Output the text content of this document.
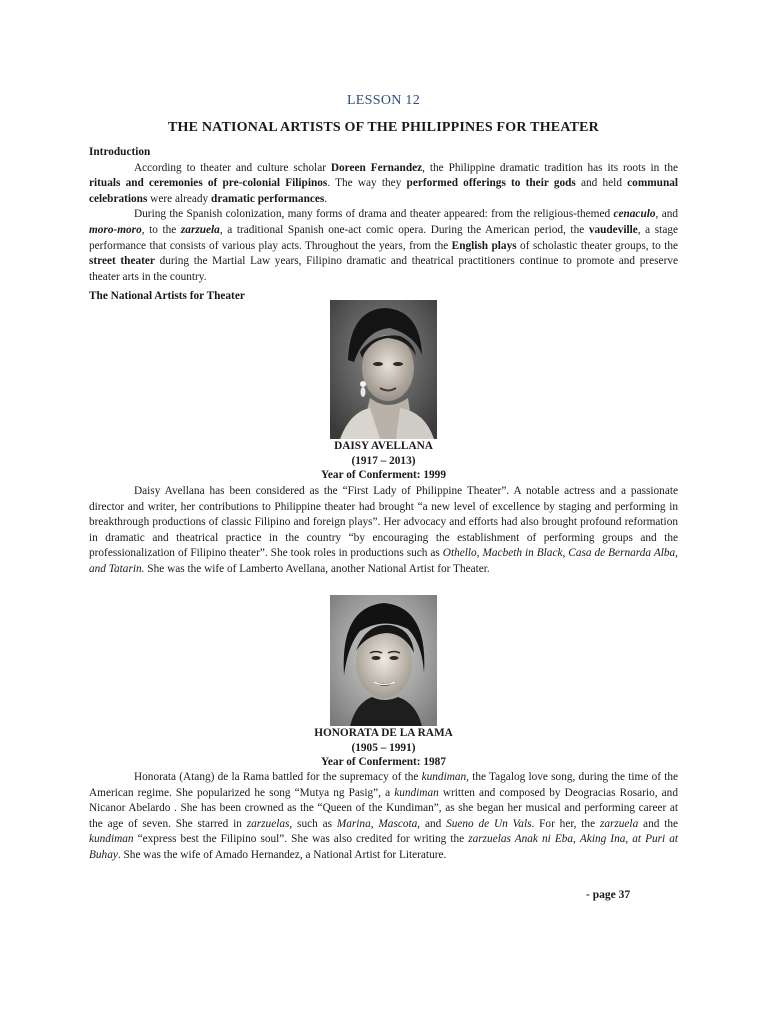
LESSON 12
THE NATIONAL ARTISTS OF THE PHILIPPINES FOR THEATER

Introduction

According to theater and culture scholar Doreen Fernandez, the Philippine dramatic tradition has its roots in the rituals and ceremonies of pre-colonial Filipinos. The way they performed offerings to their gods and held communal celebrations were already dramatic performances.

During the Spanish colonization, many forms of drama and theater appeared: from the religious-themed cenaculo, and moro-moro, to the zarzuela, a traditional Spanish one-act comic opera. During the American period, the vaudeville, a stage performance that consists of various play acts. Throughout the years, from the English plays of scholastic theater groups, to the street theater during the Martial Law years, Filipino dramatic and theatrical practitioners continue to promote and preserve theater arts in the country.

The National Artists for Theater

DAISY AVELLANA
(1917 – 2013)
Year of Conferment: 1999

Daisy Avellana has been considered as the “First Lady of Philippine Theater”. A notable actress and a passionate director and writer, her contributions to Philippine theater had brought “a new level of excellence by staging and performing in breakthrough productions of classic Filipino and foreign plays”. Her advocacy and efforts had also brought profound reformation in dramatic and theatrical practice in the country “by encouraging the establishment of performing groups and the professionalization of Filipino theater”. She took roles in productions such as Othello, Macbeth in Black, Casa de Bernarda Alba, and Tatarin. She was the wife of Lamberto Avellana, another National Artist for Theater.

HONORATA DE LA RAMA
(1905 – 1991)
Year of Conferment: 1987

Honorata (Atang) de la Rama battled for the supremacy of the kundiman, the Tagalog love song, during the time of the American regime. She popularized he song “Mutya ng Pasig”, a kundiman written and composed by Deogracias Rosario, and Nicanor Abelardo . She has been crowned as the “Queen of the Kundiman”, as she began her musical and performing career at the age of seven. She starred in zarzuelas, such as Marina, Mascota, and Sueno de Un Vals. For her, the zarzuela and the kundiman “express best the Filipino soul”. She was also credited for writing the zarzuelas Anak ni Eba, Aking Ina, at Puri at Buhay. She was the wife of Amado Hernandez, a National Artist for Literature.

- page 37
